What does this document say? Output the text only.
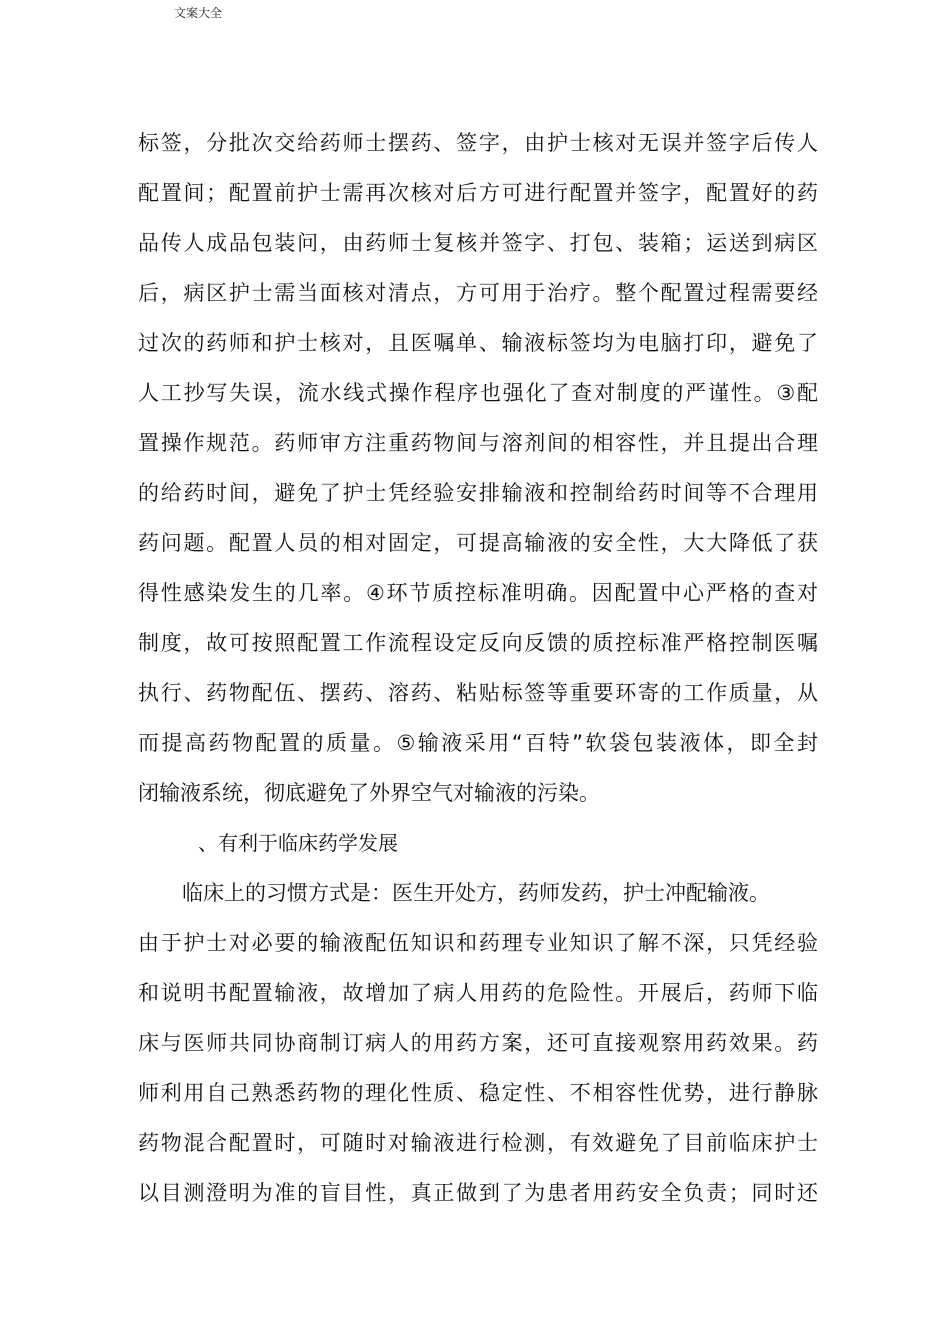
文案大全
标签，分批次交给药师士摆药、签字，由护士核对无误并签字后传人
配置间；配置前护士需再次核对后方可进行配置并签字，配置好的药
品传人成品包装问，由药师士复核并签字、打包、装箱；运送到病区
后，病区护士需当面核对清点，方可用于治疗。整个配置过程需要经
过次的药师和护士核对，且医嘱单、输液标签均为电脑打印，避免了
人工抄写失误，流水线式操作程序也强化了查对制度的严谨性。③配
置操作规范。药师审方注重药物间与溶剂间的相容性，并且提出合理
的给药时间，避免了护士凭经验安排输液和控制给药时间等不合理用
药问题。配置人员的相对固定，可提高输液的安全性，大大降低了获
得性感染发生的几率。④环节质控标准明确。因配置中心严格的查对
制度，故可按照配置工作流程设定反向反馈的质控标准严格控制医嘱
执行、药物配伍、摆药、溶药、粘贴标签等重要环寄的工作质量，从
而提高药物配置的质量。⑤输液采用“百特”软袋包装液体，即全封
闭输液系统，彻底避免了外界空气对输液的污染。
、有利于临床药学发展
临床上的习惯方式是：医生开处方，药师发药，护士冲配输液。
由于护士对必要的输液配伍知识和药理专业知识了解不深，只凭经验
和说明书配置输液，故增加了病人用药的危险性。开展后，药师下临
床与医师共同协商制订病人的用药方案，还可直接观察用药效果。药
师利用自己熟悉药物的理化性质、稳定性、不相容性优势，进行静脉
药物混合配置时，可随时对输液进行检测，有效避免了目前临床护士
以目测澄明为准的盲目性，真正做到了为患者用药安全负责；同时还
